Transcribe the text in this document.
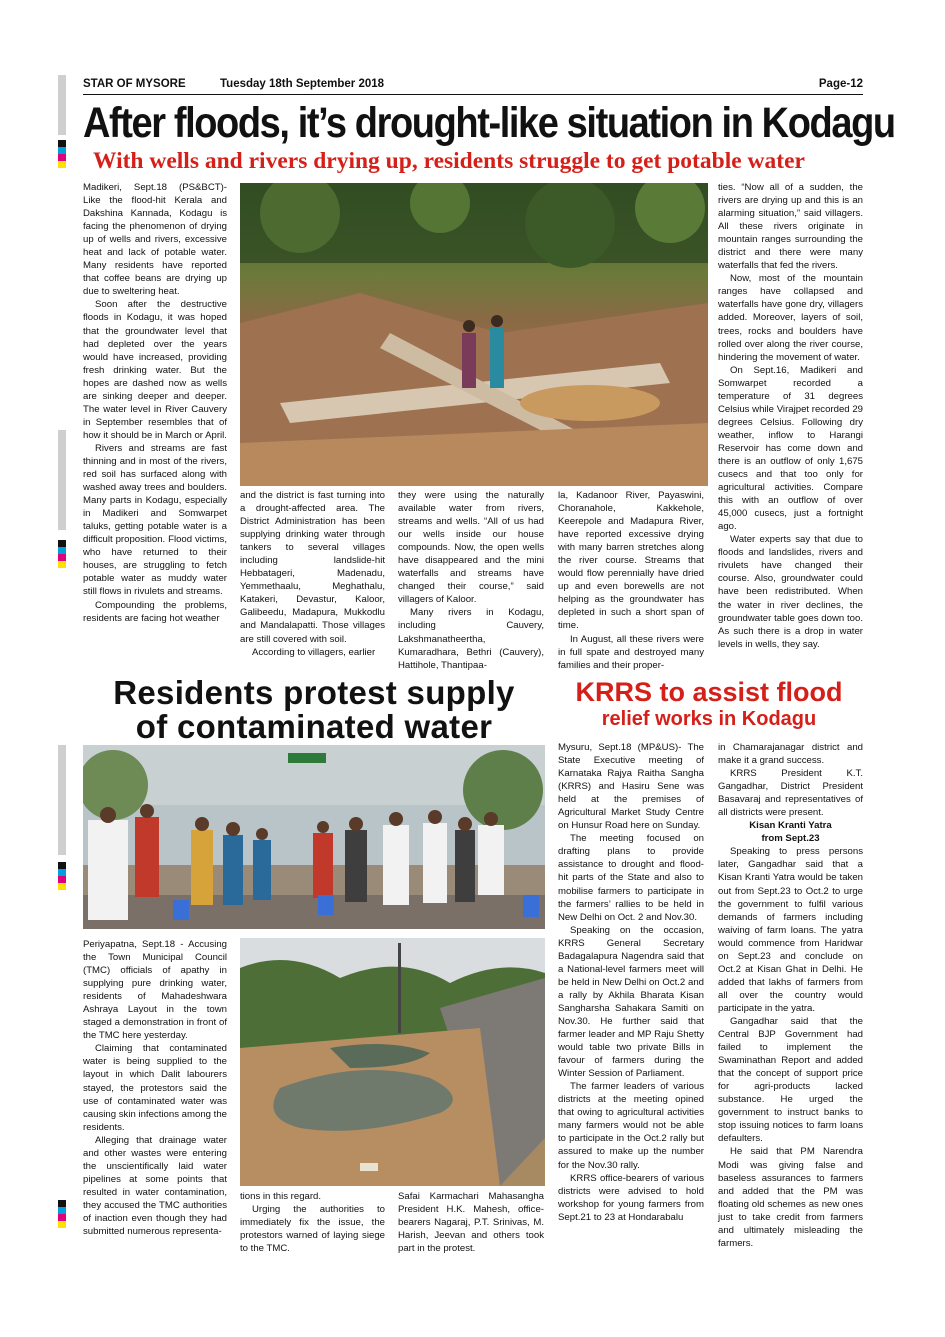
STAR OF MYSORE	Tuesday 18th September 2018	Page-12
After floods, it’s drought-like situation in Kodagu
With wells and rivers drying up, residents struggle to get potable water

Madikeri, Sept.18 (PS&BCT)- Like the flood-hit Kerala and Dakshina Kannada, Kodagu is facing the phenomenon of drying up of wells and rivers, excessive heat and lack of potable water. Many residents have reported that coffee beans are drying up due to sweltering heat.

Soon after the destructive floods in Kodagu, it was hoped that the groundwater level that had depleted over the years would have increased, providing fresh drinking water. But the hopes are dashed now as wells are sinking deeper and deeper. The water level in River Cauvery in September resembles that of how it should be in March or April.

Rivers and streams are fast thinning and in most of the rivers, red soil has surfaced along with washed away trees and boulders. Many parts in Kodagu, especially in Madikeri and Somwarpet taluks, getting potable water is a difficult proposition. Flood victims, who have returned to their houses, are struggling to fetch potable water as muddy water still flows in rivulets and streams.

Compounding the problems, residents are facing hot weather

and the district is fast turning into a drought-affected area. The District Administration has been supplying drinking water through tankers to several villages including landslide-hit Hebbatageri, Madenadu, Yemmethaalu, Meghathalu, Katakeri, Devastur, Kaloor, Galibeedu, Madapura, Mukkodlu and Mandalapatti. Those villages are still covered with soil.

According to villagers, earlier

they were using the naturally available water from rivers, streams and wells. “All of us had our wells inside our house compounds. Now, the open wells have disappeared and the mini waterfalls and streams have changed their course,” said villagers of Kaloor.

Many rivers in Kodagu, including Cauvery, Lakshmanatheertha, Kumaradhara, Bethri (Cauvery), Hattihole, Thantipaa-

la, Kadanoor River, Payaswini, Choranahole, Kakkehole, Keerepole and Madapura River, have reported excessive drying with many barren stretches along the river course. Streams that would flow perennially have dried up and even borewells are not helping as the groundwater has depleted in such a short span of time.

In August, all these rivers were in full spate and destroyed many families and their proper-

ties. “Now all of a sudden, the rivers are drying up and this is an alarming situation,” said villagers. All these rivers originate in mountain ranges surrounding the district and there were many waterfalls that fed the rivers.

Now, most of the mountain ranges have collapsed and waterfalls have gone dry, villagers added. Moreover, layers of soil, trees, rocks and boulders have rolled over along the river course, hindering the movement of water.

On Sept.16, Madikeri and Somwarpet recorded a temperature of 31 degrees Celsius while Virajpet recorded 29 degrees Celsius. Following dry weather, inflow to Harangi Reservoir has come down and there is an outflow of only 1,675 cusecs and that too only for agricultural activities. Compare this with an outflow of over 45,000 cusecs, just a fortnight ago.

Water experts say that due to floods and landslides, rivers and rivulets have changed their course. Also, groundwater could have been redistributed. When the water in river declines, the groundwater table goes down too. As such there is a drop in water levels in wells, they say.

Residents protest supply
of contaminated water

Periyapatna, Sept.18 - Accusing the Town Municipal Council (TMC) officials of apathy in supplying pure drinking water, residents of Mahadeshwara Ashraya Layout in the town staged a demonstration in front of the TMC here yesterday.

Claiming that contaminated water is being supplied to the layout in which Dalit labourers stayed, the protestors said the use of contaminated water was causing skin infections among the residents.

Alleging that drainage water and other wastes were entering the unscientifically laid water pipelines at some points that resulted in water contamination, they accused the TMC authorities of inaction even though they had submitted numerous representa-

tions in this regard.

Urging the authorities to immediately fix the issue, the protestors warned of laying siege to the TMC.

Safai Karmachari Mahasangha President H.K. Mahesh, office-bearers Nagaraj, P.T. Srinivas, M. Harish, Jeevan and others took part in the protest.

KRRS to assist flood
relief works in Kodagu

Mysuru, Sept.18 (MP&US)- The State Executive meeting of Karnataka Rajya Raitha Sangha (KRRS) and Hasiru Sene was held at the premises of Agricultural Market Study Centre on Hunsur Road here on Sunday.

The meeting focused on drafting plans to provide assistance to drought and flood-hit parts of the State and also to mobilise farmers to participate in the farmers’ rallies to be held in New Delhi on Oct. 2 and Nov.30.

Speaking on the occasion, KRRS General Secretary Badagalapura Nagendra said that a National-level farmers meet will be held in New Delhi on Oct.2 and a rally by Akhila Bharata Kisan Sangharsha Sahakara Samiti on Nov.30. He further said that farmer leader and MP Raju Shetty would table two private Bills in favour of farmers during the Winter Session of Parliament.

The farmer leaders of various districts at the meeting opined that owing to agricultural activities many farmers would not be able to participate in the Oct.2 rally but assured to make up the number for the Nov.30 rally.

KRRS office-bearers of various districts were advised to hold workshop for young farmers from Sept.21 to 23 at Hondarabalu

in Chamarajanagar district and make it a grand success.

KRRS President K.T. Gangadhar, District President Basavaraj and representatives of all districts were present.

Kisan Kranti Yatra
from Sept.23

Speaking to press persons later, Gangadhar said that a Kisan Kranti Yatra would be taken out from Sept.23 to Oct.2 to urge the government to fulfil various demands of farmers including waiving of farm loans. The yatra would commence from Haridwar on Sept.23 and conclude on Oct.2 at Kisan Ghat in Delhi. He added that lakhs of farmers from all over the country would participate in the yatra.

Gangadhar said that the Central BJP Government had failed to implement the Swaminathan Report and added that the concept of support price for agri-products lacked substance. He urged the government to instruct banks to stop issuing notices to farm loans defaulters.

He said that PM Narendra Modi was giving false and baseless assurances to farmers and added that the PM was floating old schemes as new ones just to take credit from farmers and ultimately misleading the farmers.
